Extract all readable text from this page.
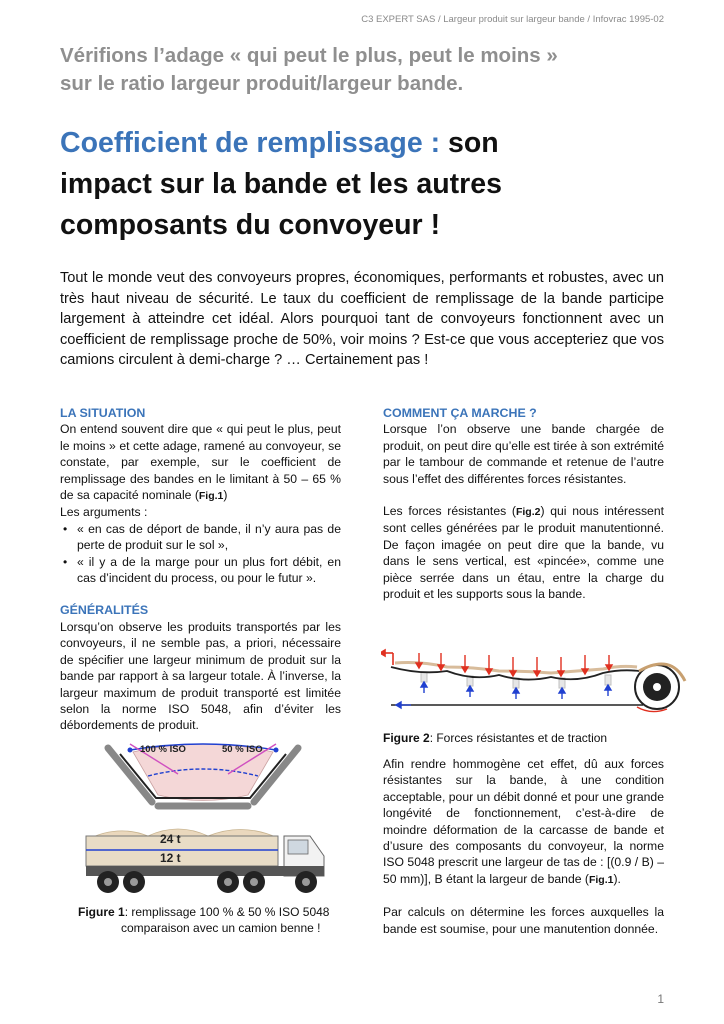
C3 EXPERT SAS / Largeur produit sur largeur bande / Infovrac 1995-02
Vérifions l’adage « qui peut le plus, peut le moins »
sur le ratio largeur produit/largeur bande.
Coefficient de remplissage : son
impact sur la bande et les autres
composants du convoyeur !

Tout le monde veut des convoyeurs propres, économiques, performants et robustes, avec un très haut niveau de sécurité. Le taux du coefficient de remplissage de la bande participe largement à atteindre cet idéal. Alors pourquoi tant de convoyeurs fonctionnent avec un coefficient de remplissage proche de 50%, voir moins ? Est-ce que vous accepteriez que vos camions circulent à demi-charge ? … Certainement pas !

LA SITUATION

On entend souvent dire que « qui peut le plus, peut le moins » et cette adage, ramené au convoyeur, se constate, par exemple, sur le coefficient de remplissage des bandes en le limitant à 50 – 65 % de sa capacité nominale (Fig.1)

Les arguments :

• « en cas de déport de bande, il n’y aura pas de perte de produit sur le sol »,
• « il y a de la marge pour un plus fort débit, en cas d’incident du process, ou pour le futur ».
GÉNÉRALITÉS

Lorsqu’on observe les produits transportés par les convoyeurs, il ne semble pas, a priori, nécessaire de spécifier une largeur minimum de produit sur la bande par rapport à sa largeur totale. À l’inverse, la largeur maximum de produit transporté est limitée selon la norme ISO 5048, afin d’éviter les débordements de produit.

100 % ISO	50 % ISO
24 t
12 t

Figure 1: remplissage 100 % & 50 % ISO 5048
comparaison avec un camion benne !

COMMENT ÇA MARCHE ?

Lorsque l’on observe une bande chargée de produit, on peut dire qu’elle est tirée à son extrémité par le tambour de commande et retenue de l’autre sous l’effet des différentes forces résistantes.

Les forces résistantes (Fig.2) qui nous intéressent sont celles générées par le produit manutentionné. De façon imagée on peut dire que la bande, vu dans le sens vertical, est «pincée», comme une pièce serrée dans un étau, entre la charge du produit et les supports sous la bande.

Figure 2: Forces résistantes et de traction

Afin rendre hommogène cet effet, dû aux forces résistantes sur la bande, à une condition acceptable, pour un débit donné et pour une grande longévité de fonctionnement, c’est-à-dire de moindre déformation de la carcasse de bande et d’usure des composants du convoyeur, la norme ISO 5048 prescrit une largeur de tas de : [(0.9 / B) – 50 mm)], B étant la largeur de bande (Fig.1).

Par calculs on détermine les forces auxquelles la bande est soumise, pour une manutention donnée.

1
